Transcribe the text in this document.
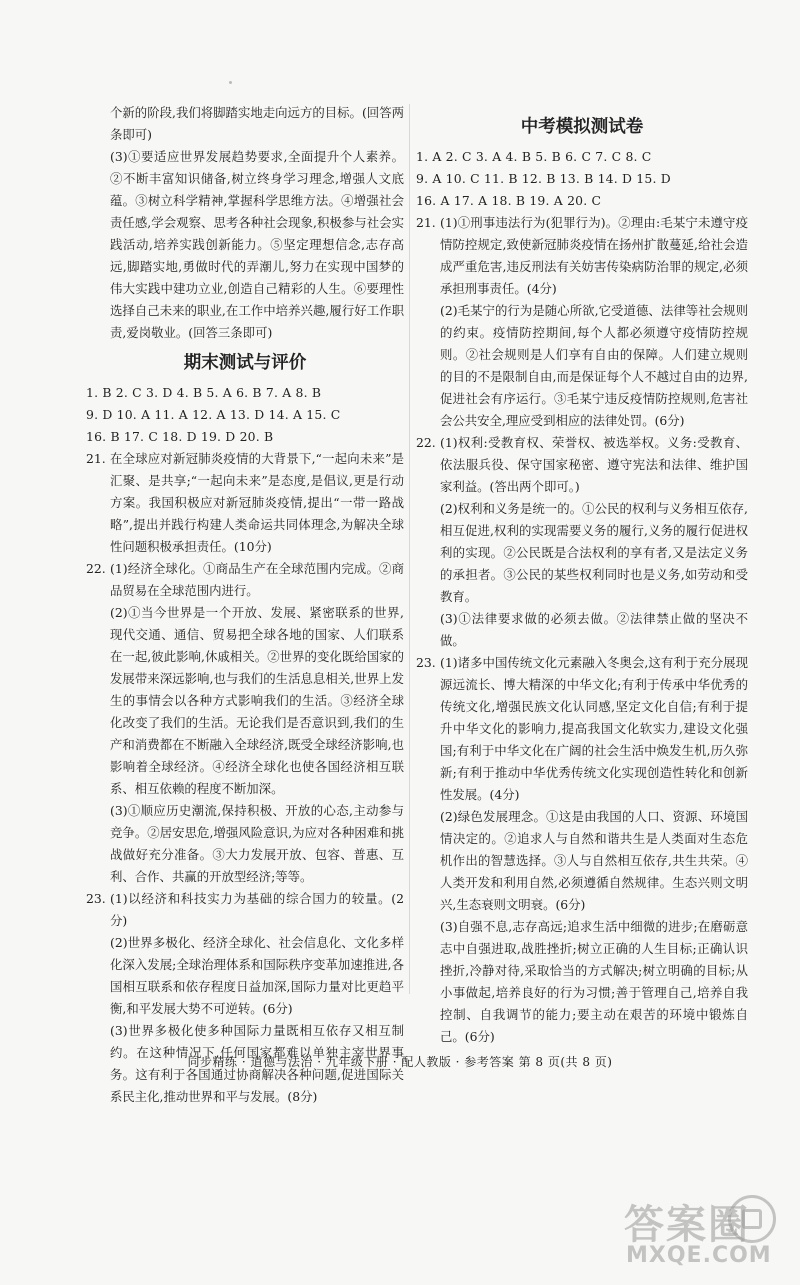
个新的阶段,我们将脚踏实地走向远方的目标。(回答两条即可)

(3)①要适应世界发展趋势要求,全面提升个人素养。②不断丰富知识储备,树立终身学习理念,增强人文底蕴。③树立科学精神,掌握科学思维方法。④增强社会责任感,学会观察、思考各种社会现象,积极参与社会实践活动,培养实践创新能力。⑤坚定理想信念,志存高远,脚踏实地,勇做时代的弄潮儿,努力在实现中国梦的伟大实践中建功立业,创造自己精彩的人生。⑥要理性选择自己未来的职业,在工作中培养兴趣,履行好工作职责,爱岗敬业。(回答三条即可)

期末测试与评价
1. B 2. C 3. D 4. B 5. A 6. B 7. A 8. B
9. D 10. A 11. A 12. A 13. D 14. A 15. C
16. B 17. C 18. D 19. D 20. B
21. 在全球应对新冠肺炎疫情的大背景下,“一起向未来”是汇聚、是共享;“一起向未来”是态度,是倡议,更是行动方案。我国积极应对新冠肺炎疫情,提出“一带一路战略”,提出并践行构建人类命运共同体理念,为解决全球性问题积极承担责任。(10分)

22. (1)经济全球化。①商品生产在全球范围内完成。②商品贸易在全球范围内进行。

(2)①当今世界是一个开放、发展、紧密联系的世界,现代交通、通信、贸易把全球各地的国家、人们联系在一起,彼此影响,休戚相关。②世界的变化既给国家的发展带来深远影响,也与我们的生活息息相关,世界上发生的事情会以各种方式影响我们的生活。③经济全球化改变了我们的生活。无论我们是否意识到,我们的生产和消费都在不断融入全球经济,既受全球经济影响,也影响着全球经济。④经济全球化也使各国经济相互联系、相互依赖的程度不断加深。

(3)①顺应历史潮流,保持积极、开放的心态,主动参与竞争。②居安思危,增强风险意识,为应对各种困难和挑战做好充分准备。③大力发展开放、包容、普惠、互利、合作、共赢的开放型经济;等等。

23. (1)以经济和科技实力为基础的综合国力的较量。(2分)

(2)世界多极化、经济全球化、社会信息化、文化多样化深入发展;全球治理体系和国际秩序变革加速推进,各国相互联系和依存程度日益加深,国际力量对比更趋平衡,和平发展大势不可逆转。(6分)

(3)世界多极化使多种国际力量既相互依存又相互制约。在这种情况下,任何国家都难以单独主宰世界事务。这有利于各国通过协商解决各种问题,促进国际关系民主化,推动世界和平与发展。(8分)

中考模拟测试卷
1. A 2. C 3. A 4. B 5. B 6. C 7. C 8. C
9. A 10. C 11. B 12. B 13. B 14. D 15. D
16. A 17. A 18. B 19. A 20. C
21. (1)①刑事违法行为(犯罪行为)。②理由:毛某宁未遵守疫情防控规定,致使新冠肺炎疫情在扬州扩散蔓延,给社会造成严重危害,违反刑法有关妨害传染病防治罪的规定,必须承担刑事责任。(4分)

(2)毛某宁的行为是随心所欲,它受道德、法律等社会规则的约束。疫情防控期间,每个人都必须遵守疫情防控规则。②社会规则是人们享有自由的保障。人们建立规则的目的不是限制自由,而是保证每个人不越过自由的边界,促进社会有序运行。③毛某宁违反疫情防控规则,危害社会公共安全,理应受到相应的法律处罚。(6分)

22. (1)权利:受教育权、荣誉权、被选举权。义务:受教育、依法服兵役、保守国家秘密、遵守宪法和法律、维护国家利益。(答出两个即可。)

(2)权利和义务是统一的。①公民的权利与义务相互依存,相互促进,权利的实现需要义务的履行,义务的履行促进权利的实现。②公民既是合法权利的享有者,又是法定义务的承担者。③公民的某些权利同时也是义务,如劳动和受教育。

(3)①法律要求做的必须去做。②法律禁止做的坚决不做。

23. (1)诸多中国传统文化元素融入冬奥会,这有利于充分展现源远流长、博大精深的中华文化;有利于传承中华优秀的传统文化,增强民族文化认同感,坚定文化自信;有利于提升中华文化的影响力,提高我国文化软实力,建设文化强国;有利于中华文化在广阔的社会生活中焕发生机,历久弥新;有利于推动中华优秀传统文化实现创造性转化和创新性发展。(4分)

(2)绿色发展理念。①这是由我国的人口、资源、环境国情决定的。②追求人与自然和谐共生是人类面对生态危机作出的智慧选择。③人与自然相互依存,共生共荣。④人类开发和利用自然,必须遵循自然规律。生态兴则文明兴,生态衰则文明衰。(6分)

(3)自强不息,志存高远;追求生活中细微的进步;在磨砺意志中自强进取,战胜挫折;树立正确的人生目标;正确认识挫折,冷静对待,采取恰当的方式解决;树立明确的目标;从小事做起,培养良好的行为习惯;善于管理自己,培养自我控制、自我调节的能力;要主动在艰苦的环境中锻炼自己。(6分)

同步精练 · 道德与法治 · 九年级下册 · 配人教版 · 参考答案 第 8 页(共 8 页)
答案圈
MXQE.COM
